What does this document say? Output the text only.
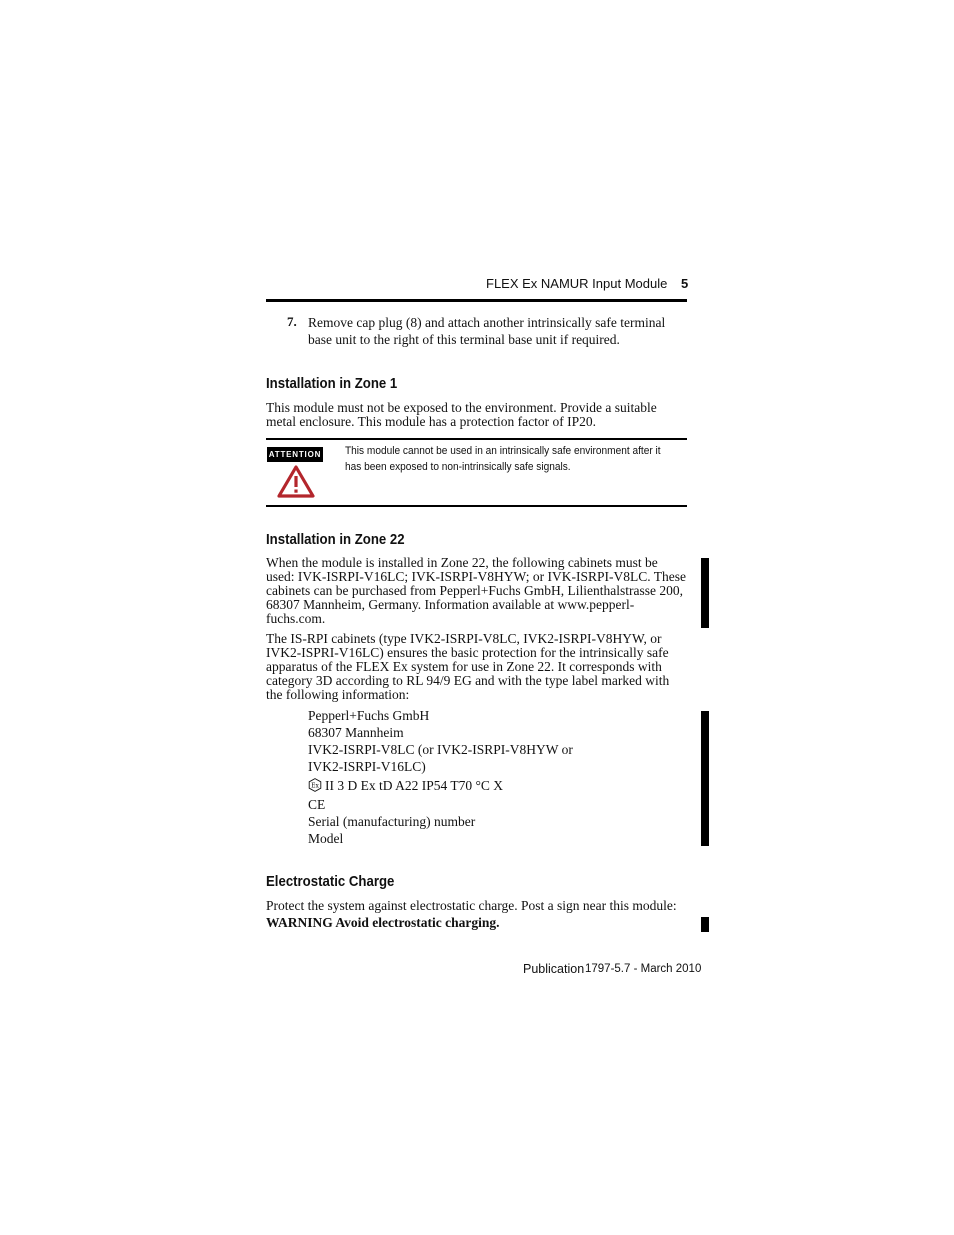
FLEX Ex NAMUR Input Module 5
7. Remove cap plug (8) and attach another intrinsically safe terminal base unit to the right of this terminal base unit if required.
Installation in Zone 1

This module must not be exposed to the environment. Provide a suitable metal enclosure. This module has a protection factor of IP20.

ATTENTION This module cannot be used in an intrinsically safe environment after it has been exposed to non-intrinsically safe signals.
Installation in Zone 22

When the module is installed in Zone 22, the following cabinets must be used: IVK-ISRPI-V16LC; IVK-ISRPI-V8HYW; or IVK-ISRPI-V8LC. These cabinets can be purchased from Pepperl+Fuchs GmbH, Lilienthalstrasse 200, 68307 Mannheim, Germany. Information available at www.pepperl-fuchs.com.

The IS-RPI cabinets (type IVK2-ISRPI-V8LC, IVK2-ISRPI-V8HYW, or IVK2-ISPRI-V16LC) ensures the basic protection for the intrinsically safe apparatus of the FLEX Ex system for use in Zone 22. It corresponds with category 3D according to RL 94/9 EG and with the type label marked with the following information:

Pepperl+Fuchs GmbH
68307 Mannheim
IVK2-ISRPI-V8LC (or IVK2-ISRPI-V8HYW or
IVK2-ISRPI-V16LC)
Ex II 3 D Ex tD A22 IP54 T70 °C X
CE
Serial (manufacturing) number
Model
Electrostatic Charge

Protect the system against electrostatic charge. Post a sign near this module:

WARNING Avoid electrostatic charging.

Publication 1797-5.7 - March 2010
